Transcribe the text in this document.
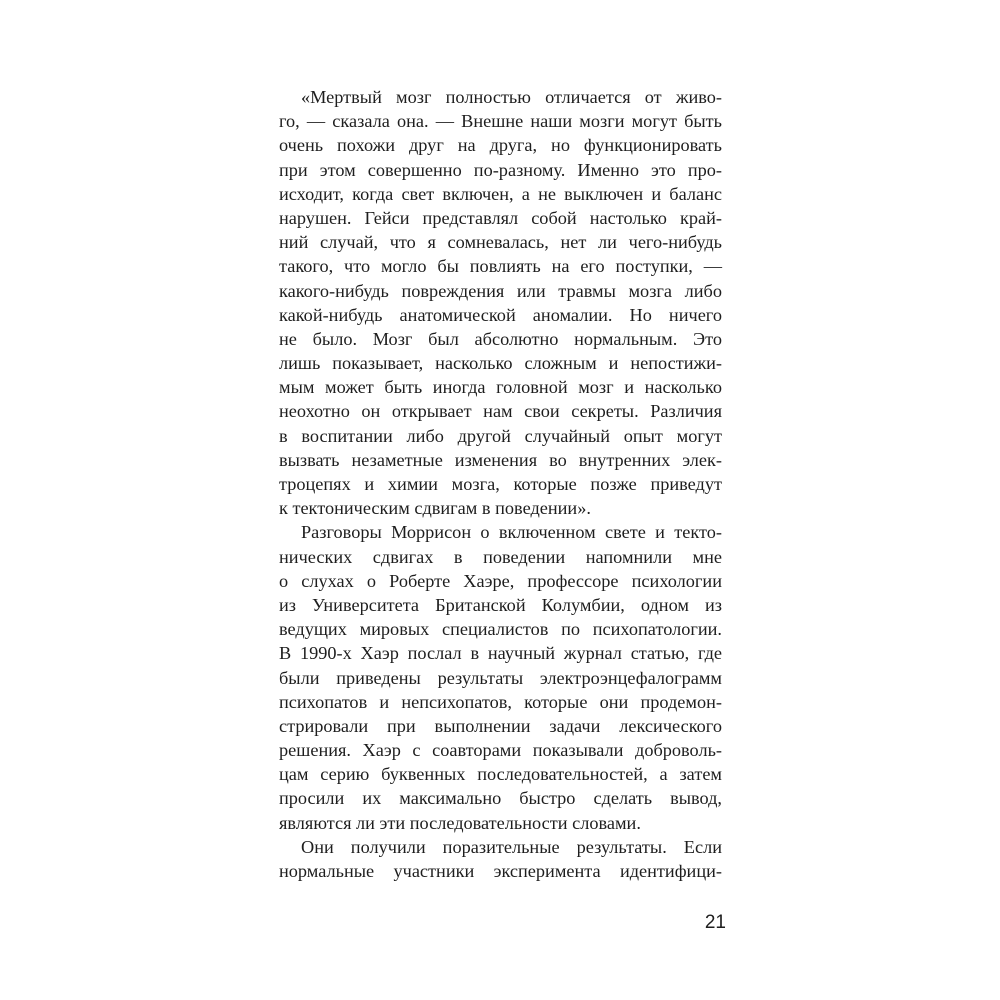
«Мертвый мозг полностью отличается от живо-
го, — сказала она. — Внешне наши мозги могут быть
очень похожи друг на друга, но функционировать
при этом совершенно по-разному. Именно это про-
исходит, когда свет включен, а не выключен и баланс
нарушен. Гейси представлял собой настолько край-
ний случай, что я сомневалась, нет ли чего-нибудь
такого, что могло бы повлиять на его поступки, —
какого-нибудь повреждения или травмы мозга либо
какой-нибудь анатомической аномалии. Но ничего
не было. Мозг был абсолютно нормальным. Это
лишь показывает, насколько сложным и непостижи-
мым может быть иногда головной мозг и насколько
неохотно он открывает нам свои секреты. Различия
в воспитании либо другой случайный опыт могут
вызвать незаметные изменения во внутренних элек-
троцепях и химии мозга, которые позже приведут
к тектоническим сдвигам в поведении».
Разговоры Моррисон о включенном свете и текто-
нических сдвигах в поведении напомнили мне
о слухах о Роберте Хаэре, профессоре психологии
из Университета Британской Колумбии, одном из
ведущих мировых специалистов по психопатологии.
В 1990-х Хаэр послал в научный журнал статью, где
были приведены результаты электроэнцефалограмм
психопатов и непсихопатов, которые они продемон-
стрировали при выполнении задачи лексического
решения. Хаэр с соавторами показывали доброволь-
цам серию буквенных последовательностей, а затем
просили их максимально быстро сделать вывод,
являются ли эти последовательности словами.
Они получили поразительные результаты. Если
нормальные участники эксперимента идентифици-
21
